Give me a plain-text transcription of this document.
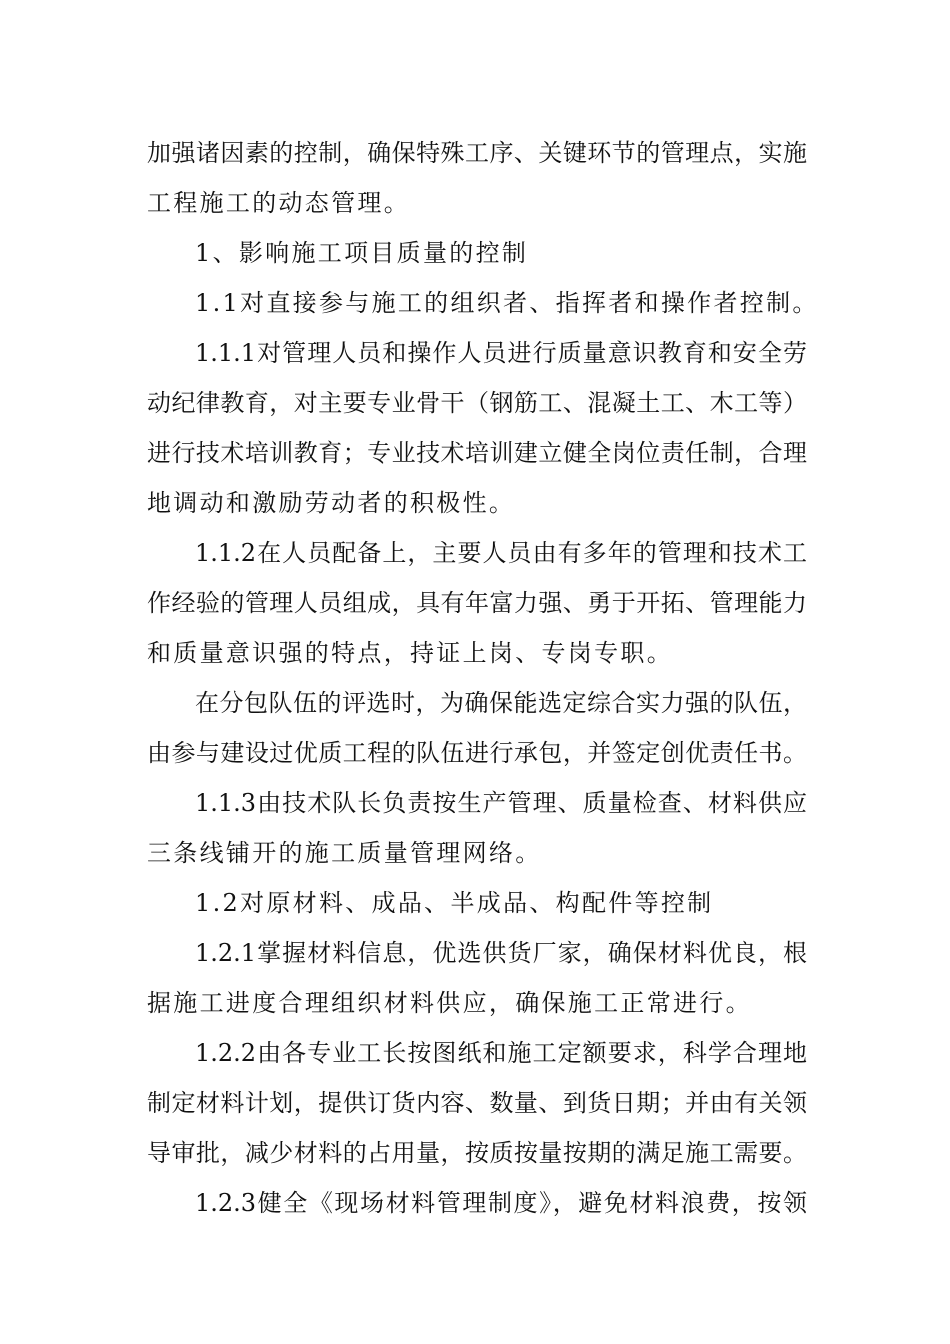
加强诸因素的控制，确保特殊工序、关键环节的管理点，实施
工程施工的动态管理。
1、影响施工项目质量的控制
1.1对直接参与施工的组织者、指挥者和操作者控制。
1.1.1对管理人员和操作人员进行质量意识教育和安全劳
动纪律教育，对主要专业骨干（钢筋工、混凝土工、木工等）
进行技术培训教育；专业技术培训建立健全岗位责任制，合理
地调动和激励劳动者的积极性。
1.1.2在人员配备上，主要人员由有多年的管理和技术工
作经验的管理人员组成，具有年富力强、勇于开拓、管理能力
和质量意识强的特点，持证上岗、专岗专职。
在分包队伍的评选时，为确保能选定综合实力强的队伍，
由参与建设过优质工程的队伍进行承包，并签定创优责任书。
1.1.3由技术队长负责按生产管理、质量检查、材料供应
三条线铺开的施工质量管理网络。
1.2对原材料、成品、半成品、构配件等控制
1.2.1掌握材料信息，优选供货厂家，确保材料优良，根
据施工进度合理组织材料供应，确保施工正常进行。
1.2.2由各专业工长按图纸和施工定额要求，科学合理地
制定材料计划，提供订货内容、数量、到货日期；并由有关领
导审批，减少材料的占用量，按质按量按期的满足施工需要。
1.2.3健全《现场材料管理制度》，避免材料浪费，按领
